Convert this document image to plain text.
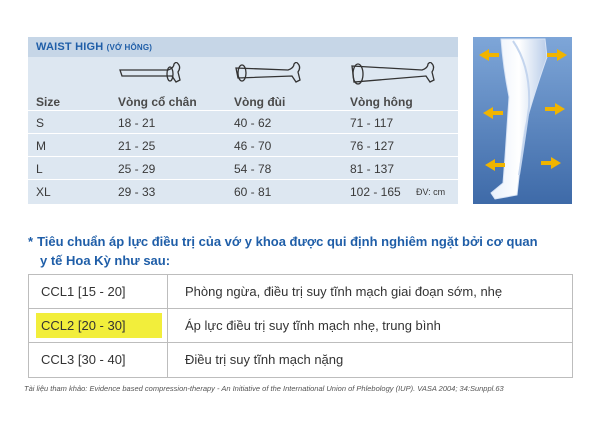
WAIST HIGH (VỚ HÔNG)
Size	Vòng cổ chân	Vòng đùi	Vòng hông
S	18 - 21	40 - 62	71 - 117
M	21 - 25	46 - 70	76 - 127
L	25 - 29	54 - 78	81 - 137
XL	29 - 33	60 - 81	102 - 165 ĐV: cm
* Tiêu chuẩn áp lực điều trị của vớ y khoa được qui định nghiêm ngặt bởi cơ quan
y tế Hoa Kỳ như sau:
CCL1 [15 - 20]	Phòng ngừa, điều trị suy tĩnh mạch giai đoạn sớm, nhẹ
CCL2 [20 - 30]	Áp lực điều trị suy tĩnh mạch nhẹ, trung bình
CCL3 [30 - 40]	Điều trị suy tĩnh mạch nặng
Tài liệu tham khảo: Evidence based compression-therapy - An Initiative of the International Union of Phlebology (IUP). VASA 2004; 34:Sunppl.63
